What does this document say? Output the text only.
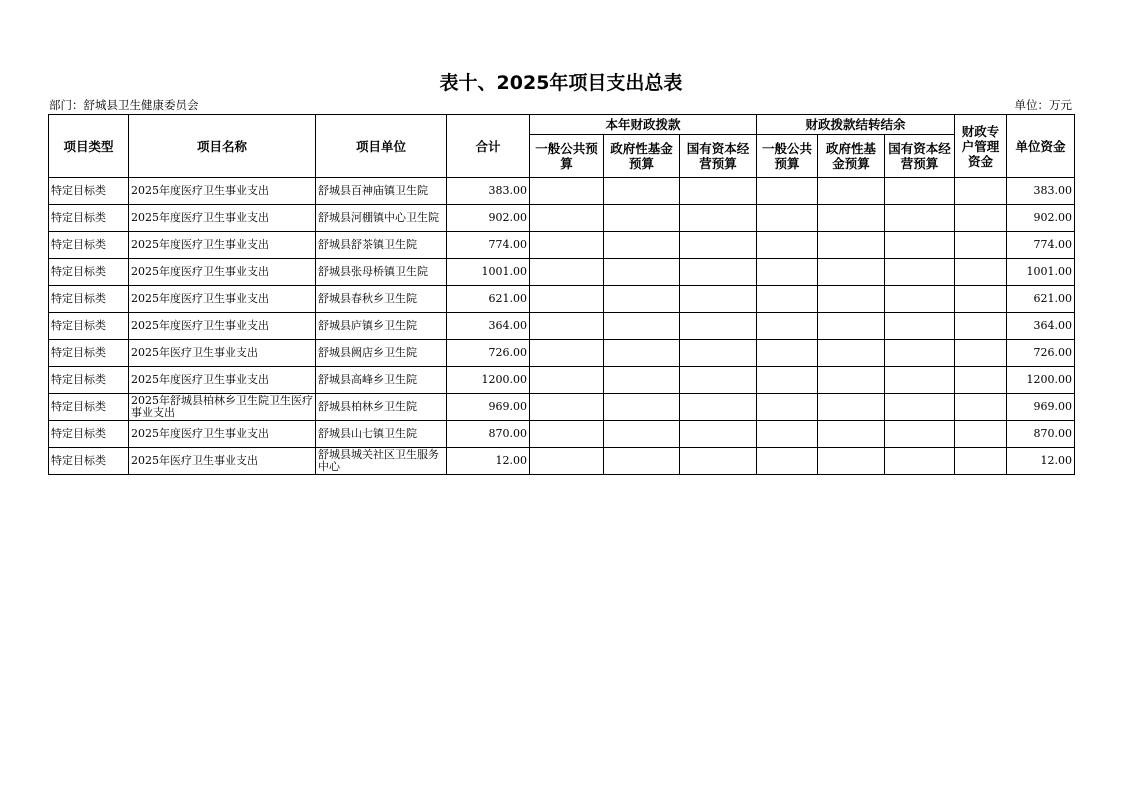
表十、2025年项目支出总表
部门：舒城县卫生健康委员会	单位：万元
项目类型	项目名称	项目单位	合计	本年财政拨款			财政拨款结转结余			财政专户管理资金	单位资金
				一般公共预算	政府性基金预算	国有资本经营预算	一般公共预算	政府性基金预算	国有资本经营预算		
特定目标类	2025年度医疗卫生事业支出	舒城县百神庙镇卫生院	383.00								383.00
特定目标类	2025年度医疗卫生事业支出	舒城县河棚镇中心卫生院	902.00								902.00
特定目标类	2025年度医疗卫生事业支出	舒城县舒茶镇卫生院	774.00								774.00
特定目标类	2025年度医疗卫生事业支出	舒城县张母桥镇卫生院	1001.00								1001.00
特定目标类	2025年度医疗卫生事业支出	舒城县春秋乡卫生院	621.00								621.00
特定目标类	2025年度医疗卫生事业支出	舒城县庐镇乡卫生院	364.00								364.00
特定目标类	2025年医疗卫生事业支出	舒城县阙店乡卫生院	726.00								726.00
特定目标类	2025年度医疗卫生事业支出	舒城县高峰乡卫生院	1200.00								1200.00
特定目标类	2025年舒城县柏林乡卫生院卫生医疗事业支出	舒城县柏林乡卫生院	969.00								969.00
特定目标类	2025年度医疗卫生事业支出	舒城县山七镇卫生院	870.00								870.00
特定目标类	2025年医疗卫生事业支出	舒城县城关社区卫生服务中心	12.00								12.00
